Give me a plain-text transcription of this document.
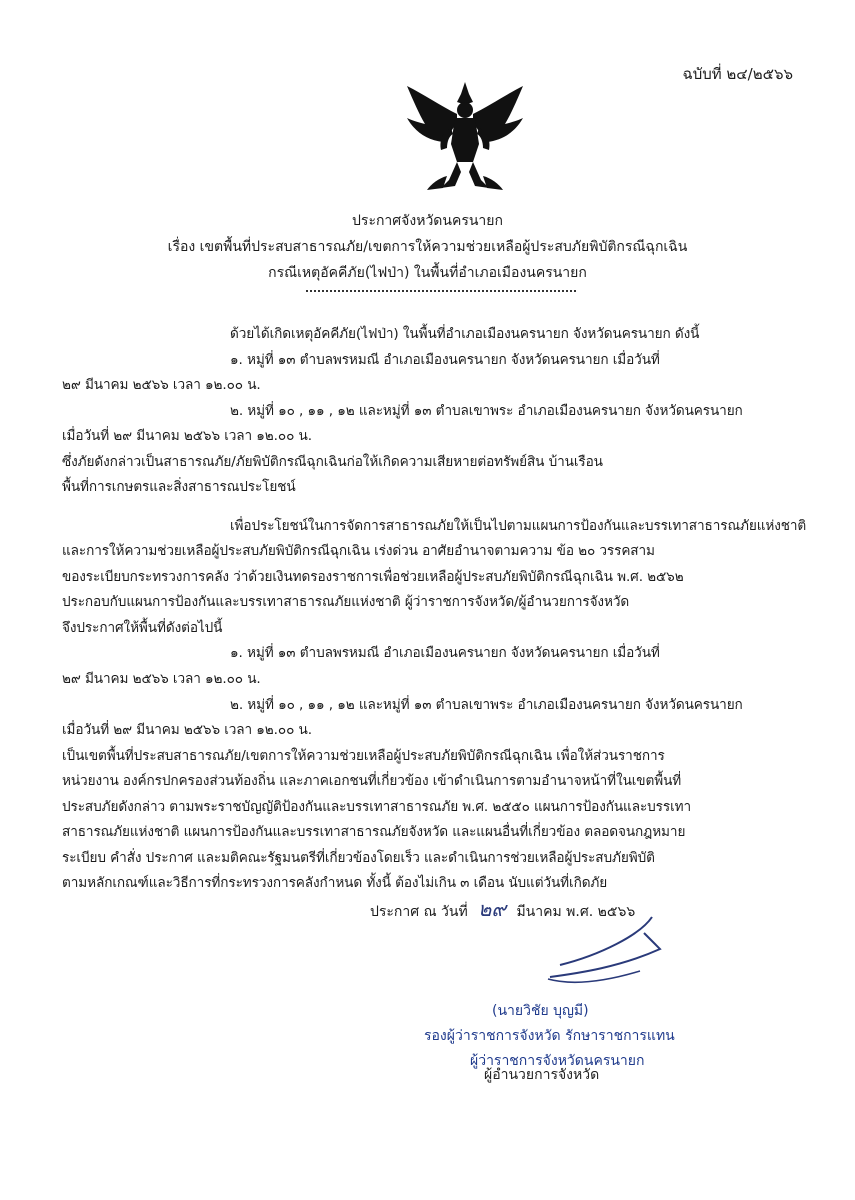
ฉบับที่ ๒๔/๒๕๖๖
ประกาศจังหวัดนครนายก
เรื่อง เขตพื้นที่ประสบสาธารณภัย/เขตการให้ความช่วยเหลือผู้ประสบภัยพิบัติกรณีฉุกเฉิน
กรณีเหตุอัคคีภัย(ไฟป่า) ในพื้นที่อำเภอเมืองนครนายก
ด้วยได้เกิดเหตุอัคคีภัย(ไฟป่า) ในพื้นที่อำเภอเมืองนครนายก จังหวัดนครนายก ดังนี้
๑. หมู่ที่ ๑๓ ตำบลพรหมณี อำเภอเมืองนครนายก จังหวัดนครนายก เมื่อวันที่
๒๙ มีนาคม ๒๕๖๖ เวลา ๑๒.๐๐ น.
๒. หมู่ที่ ๑๐ , ๑๑ , ๑๒ และหมู่ที่ ๑๓ ตำบลเขาพระ อำเภอเมืองนครนายก จังหวัดนครนายก
เมื่อวันที่ ๒๙ มีนาคม ๒๕๖๖ เวลา ๑๒.๐๐ น.
ซึ่งภัยดังกล่าวเป็นสาธารณภัย/ภัยพิบัติกรณีฉุกเฉินก่อให้เกิดความเสียหายต่อทรัพย์สิน บ้านเรือน
พื้นที่การเกษตรและสิ่งสาธารณประโยชน์
เพื่อประโยชน์ในการจัดการสาธารณภัยให้เป็นไปตามแผนการป้องกันและบรรเทาสาธารณภัยแห่งชาติ
และการให้ความช่วยเหลือผู้ประสบภัยพิบัติกรณีฉุกเฉิน เร่งด่วน อาศัยอำนาจตามความ ข้อ ๒๐ วรรคสาม
ของระเบียบกระทรวงการคลัง ว่าด้วยเงินทดรองราชการเพื่อช่วยเหลือผู้ประสบภัยพิบัติกรณีฉุกเฉิน พ.ศ. ๒๕๖๒
ประกอบกับแผนการป้องกันและบรรเทาสาธารณภัยแห่งชาติ ผู้ว่าราชการจังหวัด/ผู้อำนวยการจังหวัด
จึงประกาศให้พื้นที่ดังต่อไปนี้
๑. หมู่ที่ ๑๓ ตำบลพรหมณี อำเภอเมืองนครนายก จังหวัดนครนายก เมื่อวันที่
๒๙ มีนาคม ๒๕๖๖ เวลา ๑๒.๐๐ น.
๒. หมู่ที่ ๑๐ , ๑๑ , ๑๒ และหมู่ที่ ๑๓ ตำบลเขาพระ อำเภอเมืองนครนายก จังหวัดนครนายก
เมื่อวันที่ ๒๙ มีนาคม ๒๕๖๖ เวลา ๑๒.๐๐ น.
เป็นเขตพื้นที่ประสบสาธารณภัย/เขตการให้ความช่วยเหลือผู้ประสบภัยพิบัติกรณีฉุกเฉิน เพื่อให้ส่วนราชการ
หน่วยงาน องค์กรปกครองส่วนท้องถิ่น และภาคเอกชนที่เกี่ยวข้อง เข้าดำเนินการตามอำนาจหน้าที่ในเขตพื้นที่
ประสบภัยดังกล่าว ตามพระราชบัญญัติป้องกันและบรรเทาสาธารณภัย พ.ศ. ๒๕๕๐ แผนการป้องกันและบรรเทา
สาธารณภัยแห่งชาติ แผนการป้องกันและบรรเทาสาธารณภัยจังหวัด และแผนอื่นที่เกี่ยวข้อง ตลอดจนกฎหมาย
ระเบียบ คำสั่ง ประกาศ และมติคณะรัฐมนตรีที่เกี่ยวข้องโดยเร็ว และดำเนินการช่วยเหลือผู้ประสบภัยพิบัติ
ตามหลักเกณฑ์และวิธีการที่กระทรวงการคลังกำหนด ทั้งนี้ ต้องไม่เกิน ๓ เดือน นับแต่วันที่เกิดภัย
ประกาศ ณ วันที่ ๒๙ มีนาคม พ.ศ. ๒๕๖๖
(นายวิชัย บุญมี)
รองผู้ว่าราชการจังหวัด รักษาราชการแทน
ผู้ว่าราชการจังหวัดนครนายก
ผู้อำนวยการจังหวัด
